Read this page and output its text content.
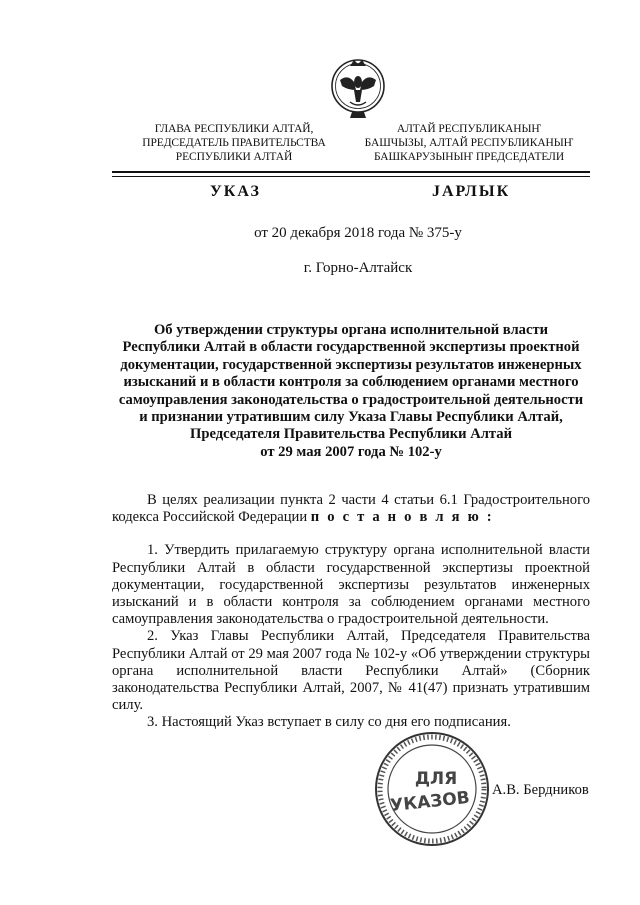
ГЛАВА РЕСПУБЛИКИ АЛТАЙ,
ПРЕДСЕДАТЕЛЬ ПРАВИТЕЛЬСТВА
РЕСПУБЛИКИ АЛТАЙ
АЛТАЙ РЕСПУБЛИКАНЫҤ
БАШЧЫЗЫ, АЛТАЙ РЕСПУБЛИКАНЫҤ
БАШКАРУЗЫНЫҤ ПРЕДСЕДАТЕЛИ
УКАЗ	JАРЛЫК
от 20 декабря 2018 года № 375-у
г. Горно-Алтайск
Об утверждении структуры органа исполнительной власти
Республики Алтай в области государственной экспертизы проектной
документации, государственной экспертизы результатов инженерных
изысканий и в области контроля за соблюдением органами местного
самоуправления законодательства о градостроительной деятельности
и признании утратившим силу Указа Главы Республики Алтай,
Председателя Правительства Республики Алтай
от 29 мая 2007 года № 102-у

В целях реализации пункта 2 части 4 статьи 6.1 Градостроительного кодекса Российской Федерации п о с т а н о в л я ю :

1. Утвердить прилагаемую структуру органа исполнительной власти Республики Алтай в области государственной экспертизы проектной документации, государственной экспертизы результатов инженерных изысканий и в области контроля за соблюдением органами местного самоуправления законодательства о градостроительной деятельности.

2. Указ Главы Республики Алтай, Председателя Правительства Республики Алтай от 29 мая 2007 года № 102-у «Об утверждении структуры органа исполнительной власти Республики Алтай» (Сборник законодательства Республики Алтай, 2007, № 41(47) признать утратившим силу.

3. Настоящий Указ вступает в силу со дня его подписания.

ДЛЯ
УКАЗОВ А.В. Бердников
